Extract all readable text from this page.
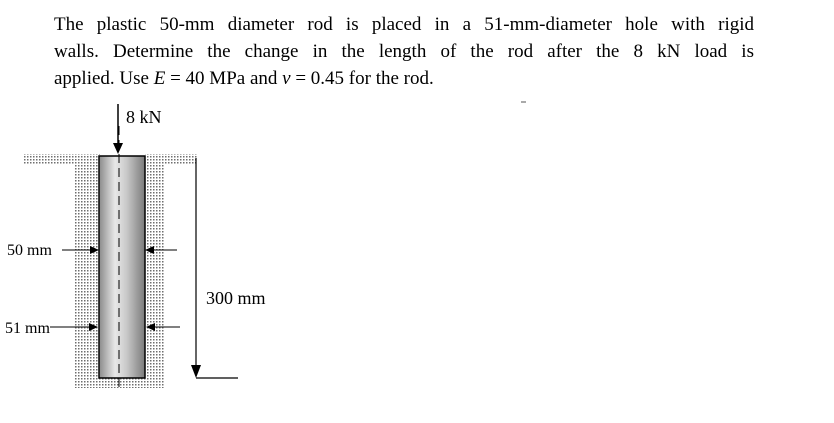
The plastic 50-mm diameter rod is placed in a 51-mm-diameter hole with rigid
walls. Determine the change in the length of the rod after the 8 kN load is
applied. Use E = 40 MPa and v = 0.45 for the rod.
8 kN
50 mm
51 mm
300 mm
